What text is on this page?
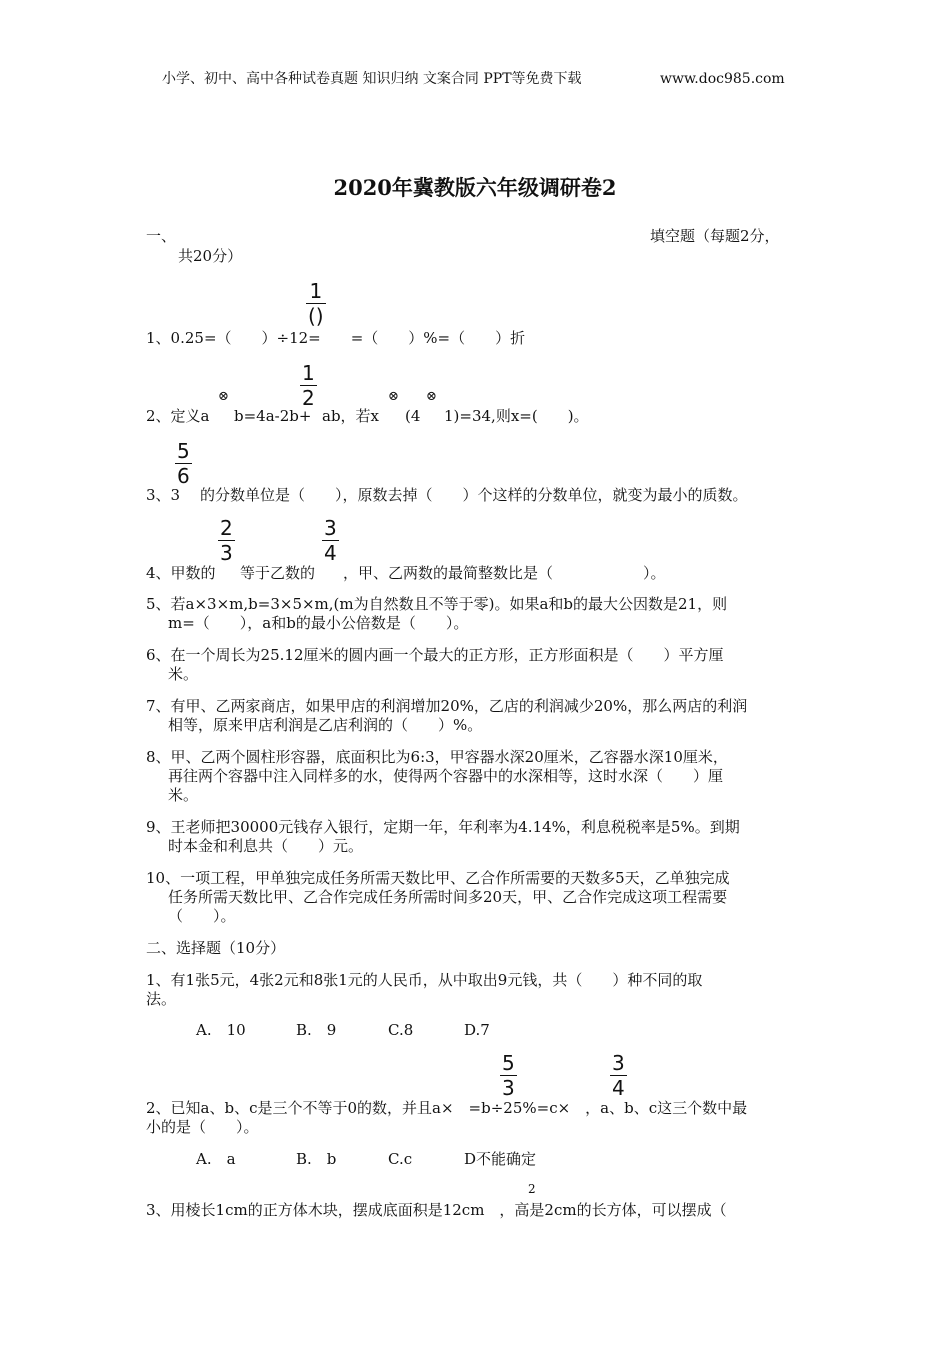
小学、初中、高中各种试卷真题 知识归纳 文案合同 PPT等免费下载	www.doc985.com
2020年冀教版六年级调研卷2
一、	填空题（每题2分，
共20分）
1
()
1、0.25=（　　）÷12=　　=（　　）%=（　　）折
1
2
⊗	⊗ ⊗
2、定义a b=4a-2b+ ab，若x (4 1)=34,则x=(　　)。
5
6
3、3 的分数单位是（　　），原数去掉（　　）个这样的分数单位，就变为最小的质数。
2
3
3
4
4、甲数的 等于乙数的 ，甲、乙两数的最简整数比是（　　　　　　）。
5、若a×3×m,b=3×5×m,(m为自然数且不等于零)。如果a和b的最大公因数是21，则
m=（　　），a和b的最小公倍数是（　　）。
6、在一个周长为25.12厘米的圆内画一个最大的正方形，正方形面积是（　　）平方厘
米。
7、有甲、乙两家商店，如果甲店的利润增加20%，乙店的利润减少20%，那么两店的利润
相等，原来甲店利润是乙店利润的（　　）%。
8、甲、乙两个圆柱形容器，底面积比为6:3，甲容器水深20厘米，乙容器水深10厘米，
再往两个容器中注入同样多的水，使得两个容器中的水深相等，这时水深（　　）厘
米。
9、王老师把30000元钱存入银行，定期一年，年利率为4.14%，利息税税率是5%。到期
时本金和利息共（　　）元。
10、一项工程，甲单独完成任务所需天数比甲、乙合作所需要的天数多5天，乙单独完成
任务所需天数比甲、乙合作完成任务所需时间多20天，甲、乙合作完成这项工程需要
（　　）。
二、选择题（10分）
1、有1张5元，4张2元和8张1元的人民币，从中取出9元钱，共（　　）种不同的取
法。
A.　10	B.　9	C.8	D.7
5
3
3
4
2、已知a、b、c是三个不等于0的数，并且a×　=b÷25%=c×　，a、b、c这三个数中最
小的是（　　）。
A.　a	B.　b	C.c	D不能确定
2
3、用棱长1cm的正方体木块，摆成底面积是12cm　，高是2cm的长方体，可以摆成（
